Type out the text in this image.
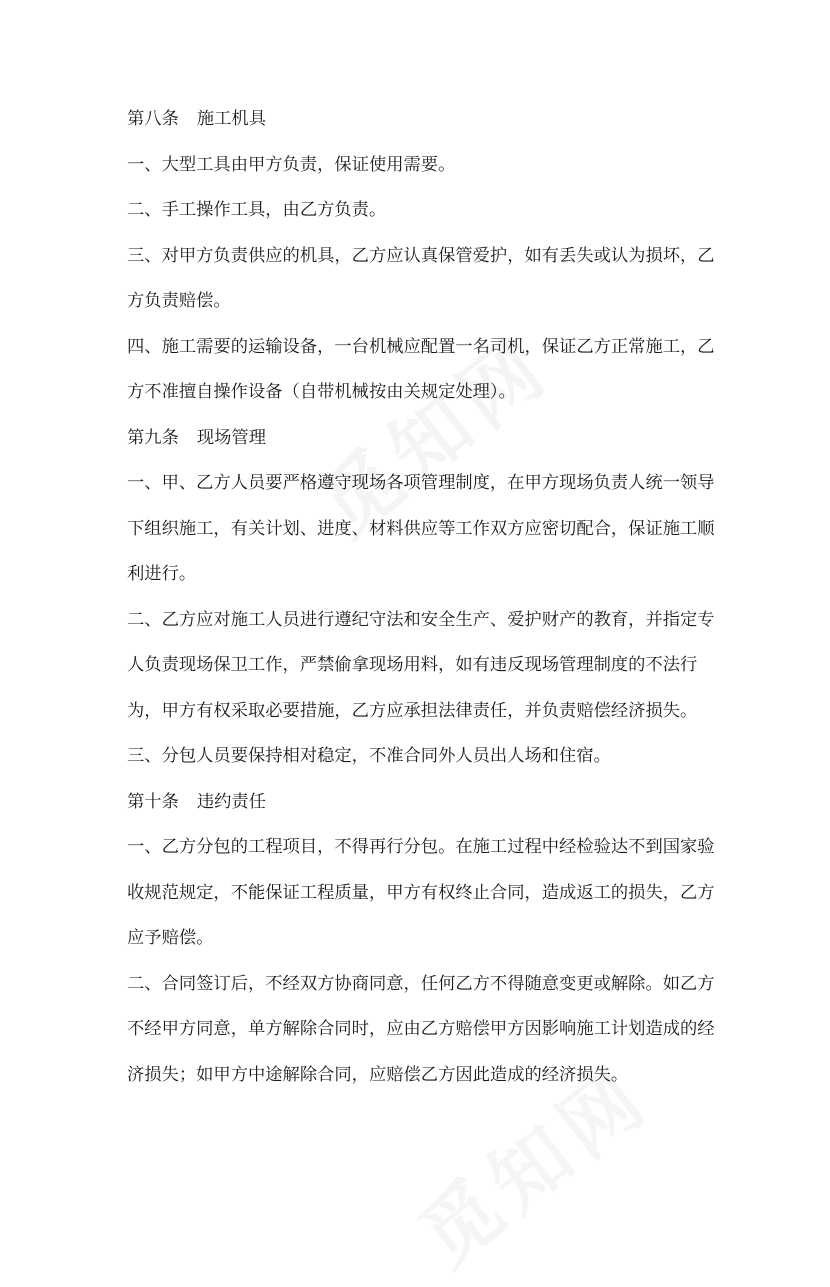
第八条 施工机具

一、大型工具由甲方负责，保证使用需要。

二、手工操作工具，由乙方负责。

三、对甲方负责供应的机具，乙方应认真保管爱护，如有丢失或认为损坏，乙

方负责赔偿。

四、施工需要的运输设备，一台机械应配置一名司机，保证乙方正常施工，乙

方不准擅自操作设备（自带机械按由关规定处理）。

第九条 现场管理

一、甲、乙方人员要严格遵守现场各项管理制度，在甲方现场负责人统一领导

下组织施工，有关计划、进度、材料供应等工作双方应密切配合，保证施工顺

利进行。

二、乙方应对施工人员进行遵纪守法和安全生产、爱护财产的教育，并指定专

人负责现场保卫工作，严禁偷拿现场用料，如有违反现场管理制度的不法行

为，甲方有权采取必要措施，乙方应承担法律责任，并负责赔偿经济损失。

三、分包人员要保持相对稳定，不准合同外人员出人场和住宿。

第十条 违约责任

一、乙方分包的工程项目，不得再行分包。在施工过程中经检验达不到国家验

收规范规定，不能保证工程质量，甲方有权终止合同，造成返工的损失，乙方

应予赔偿。

二、合同签订后，不经双方协商同意，任何乙方不得随意变更或解除。如乙方

不经甲方同意，单方解除合同时，应由乙方赔偿甲方因影响施工计划造成的经

济损失；如甲方中途解除合同，应赔偿乙方因此造成的经济损失。
